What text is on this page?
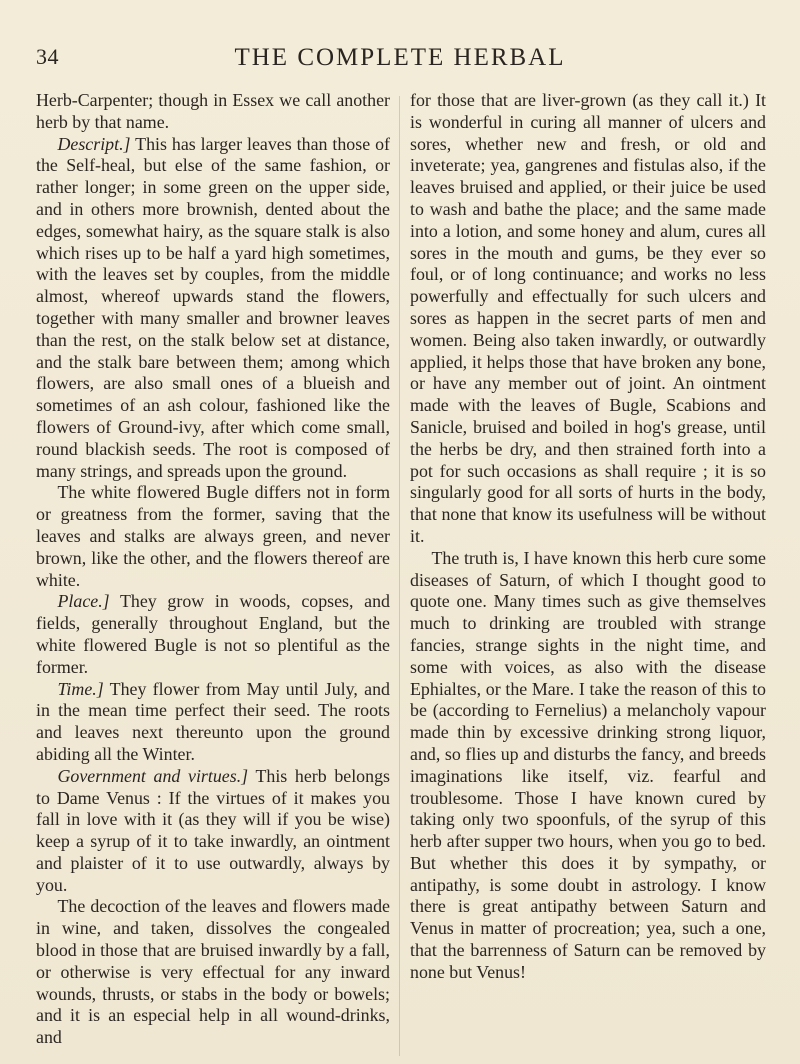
34	THE COMPLETE HERBAL

Herb-Carpenter; though in Essex we call another herb by that name.

Descript.] This has larger leaves than those of the Self-heal, but else of the same fashion, or rather longer; in some green on the upper side, and in others more brownish, dented about the edges, somewhat hairy, as the square stalk is also which rises up to be half a yard high sometimes, with the leaves set by couples, from the middle almost, whereof upwards stand the flowers, together with many smaller and browner leaves than the rest, on the stalk below set at distance, and the stalk bare between them; among which flowers, are also small ones of a blueish and sometimes of an ash colour, fashioned like the flowers of Ground-ivy, after which come small, round blackish seeds. The root is composed of many strings, and spreads upon the ground.

The white flowered Bugle differs not in form or greatness from the former, saving that the leaves and stalks are always green, and never brown, like the other, and the flowers thereof are white.

Place.] They grow in woods, copses, and fields, generally throughout England, but the white flowered Bugle is not so plentiful as the former.

Time.] They flower from May until July, and in the mean time perfect their seed. The roots and leaves next thereunto upon the ground abiding all the Winter.

Government and virtues.] This herb belongs to Dame Venus : If the virtues of it makes you fall in love with it (as they will if you be wise) keep a syrup of it to take inwardly, an ointment and plaister of it to use outwardly, always by you.

The decoction of the leaves and flowers made in wine, and taken, dissolves the congealed blood in those that are bruised inwardly by a fall, or otherwise is very effectual for any inward wounds, thrusts, or stabs in the body or bowels; and it is an especial help in all wound-drinks, and

for those that are liver-grown (as they call it.) It is wonderful in curing all manner of ulcers and sores, whether new and fresh, or old and inveterate; yea, gangrenes and fistulas also, if the leaves bruised and applied, or their juice be used to wash and bathe the place; and the same made into a lotion, and some honey and alum, cures all sores in the mouth and gums, be they ever so foul, or of long continuance; and works no less powerfully and effectually for such ulcers and sores as happen in the secret parts of men and women. Being also taken inwardly, or outwardly applied, it helps those that have broken any bone, or have any member out of joint. An ointment made with the leaves of Bugle, Scabions and Sanicle, bruised and boiled in hog's grease, until the herbs be dry, and then strained forth into a pot for such occasions as shall require ; it is so singularly good for all sorts of hurts in the body, that none that know its usefulness will be without it.

The truth is, I have known this herb cure some diseases of Saturn, of which I thought good to quote one. Many times such as give themselves much to drinking are troubled with strange fancies, strange sights in the night time, and some with voices, as also with the disease Ephialtes, or the Mare. I take the reason of this to be (according to Fernelius) a melancholy vapour made thin by excessive drinking strong liquor, and, so flies up and disturbs the fancy, and breeds imaginations like itself, viz. fearful and troublesome. Those I have known cured by taking only two spoonfuls, of the syrup of this herb after supper two hours, when you go to bed. But whether this does it by sympathy, or antipathy, is some doubt in astrology. I know there is great antipathy between Saturn and Venus in matter of procreation; yea, such a one, that the barrenness of Saturn can be removed by none but Venus!
